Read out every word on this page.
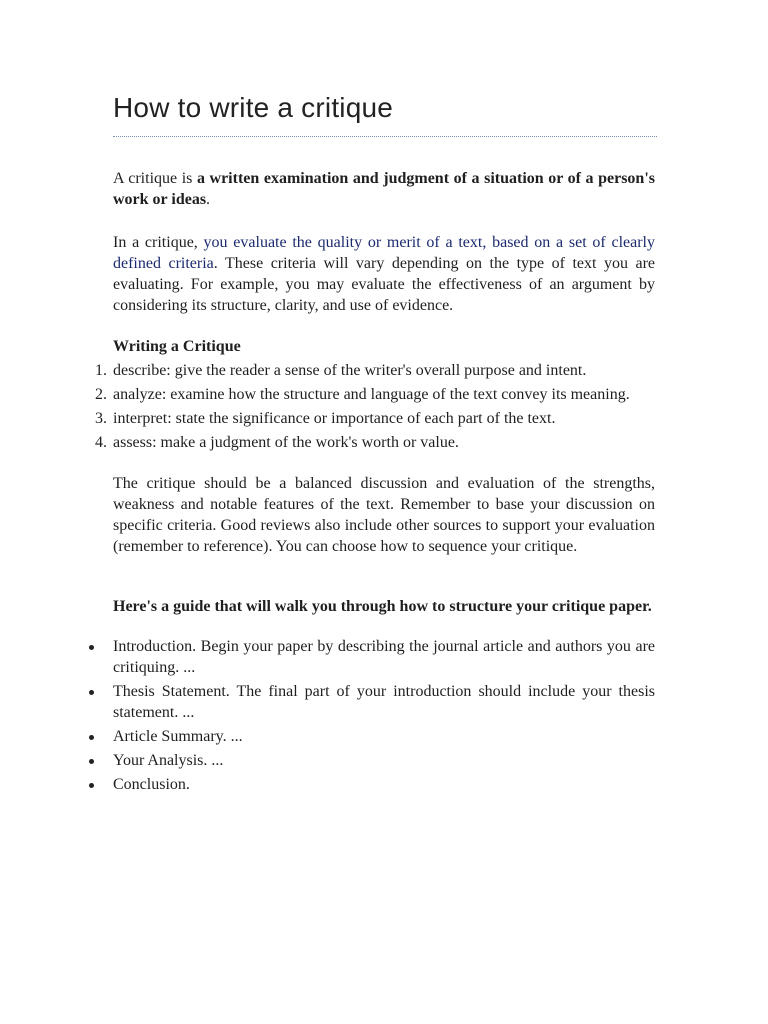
How to write a critique

A critique is a written examination and judgment of a situation or of a person's work or ideas.

In a critique, you evaluate the quality or merit of a text, based on a set of clearly defined criteria. These criteria will vary depending on the type of text you are evaluating. For example, you may evaluate the effectiveness of an argument by considering its structure, clarity, and use of evidence.

Writing a Critique

1. describe: give the reader a sense of the writer's overall purpose and intent.
2. analyze: examine how the structure and language of the text convey its meaning.
3. interpret: state the significance or importance of each part of the text.
4. assess: make a judgment of the work's worth or value.

The critique should be a balanced discussion and evaluation of the strengths, weakness and notable features of the text. Remember to base your discussion on specific criteria. Good reviews also include other sources to support your evaluation (remember to reference). You can choose how to sequence your critique.

Here's a guide that will walk you through how to structure your critique paper.

Introduction. Begin your paper by describing the journal article and authors you are critiquing. ...
Thesis Statement. The final part of your introduction should include your thesis statement. ...
Article Summary. ...
Your Analysis. ...
Conclusion.
